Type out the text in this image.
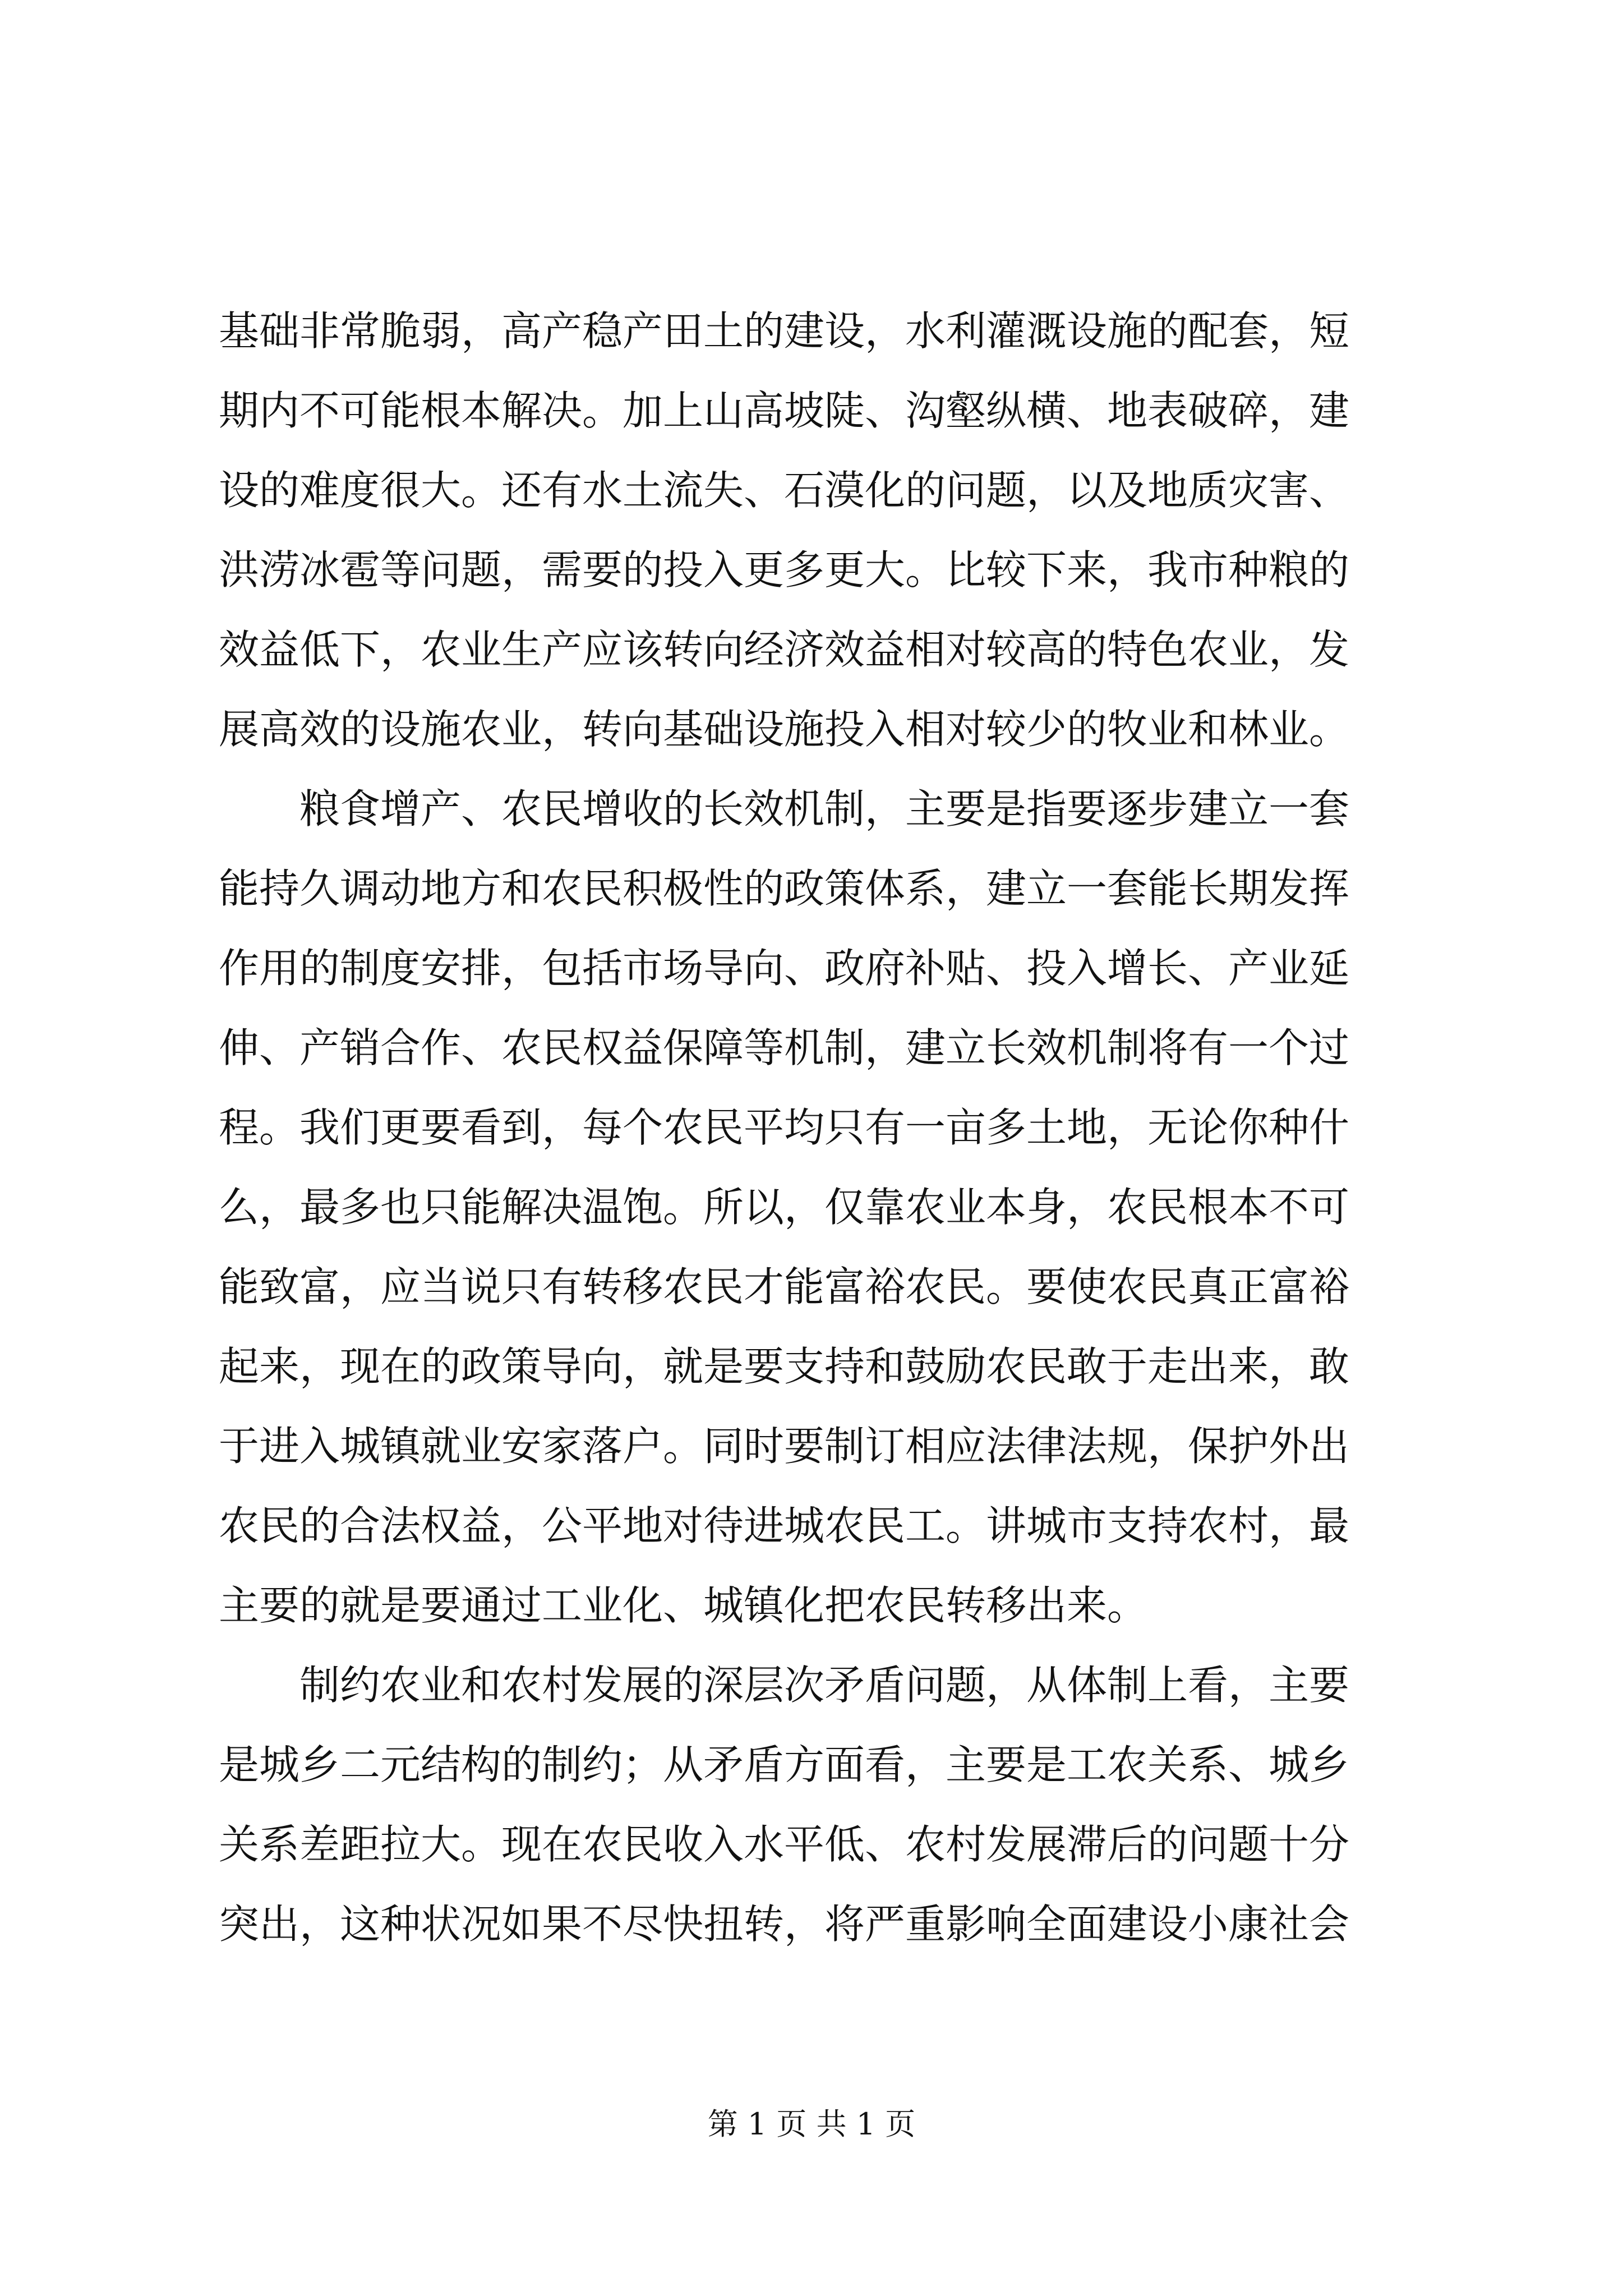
基础非常脆弱，高产稳产田土的建设，水利灌溉设施的配套，短
期内不可能根本解决。加上山高坡陡、沟壑纵横、地表破碎，建
设的难度很大。还有水土流失、石漠化的问题，以及地质灾害、
洪涝冰雹等问题，需要的投入更多更大。比较下来，我市种粮的
效益低下，农业生产应该转向经济效益相对较高的特色农业，发
展高效的设施农业，转向基础设施投入相对较少的牧业和林业。
　　粮食增产、农民增收的长效机制，主要是指要逐步建立一套
能持久调动地方和农民积极性的政策体系，建立一套能长期发挥
作用的制度安排，包括市场导向、政府补贴、投入增长、产业延
伸、产销合作、农民权益保障等机制，建立长效机制将有一个过
程。我们更要看到，每个农民平均只有一亩多土地，无论你种什
么，最多也只能解决温饱。所以，仅靠农业本身，农民根本不可
能致富，应当说只有转移农民才能富裕农民。要使农民真正富裕
起来，现在的政策导向，就是要支持和鼓励农民敢于走出来，敢
于进入城镇就业安家落户。同时要制订相应法律法规，保护外出
农民的合法权益，公平地对待进城农民工。讲城市支持农村，最
主要的就是要通过工业化、城镇化把农民转移出来。
　　制约农业和农村发展的深层次矛盾问题，从体制上看，主要
是城乡二元结构的制约；从矛盾方面看，主要是工农关系、城乡
关系差距拉大。现在农民收入水平低、农村发展滞后的问题十分
突出，这种状况如果不尽快扭转，将严重影响全面建设小康社会
第 1 页 共 1 页
